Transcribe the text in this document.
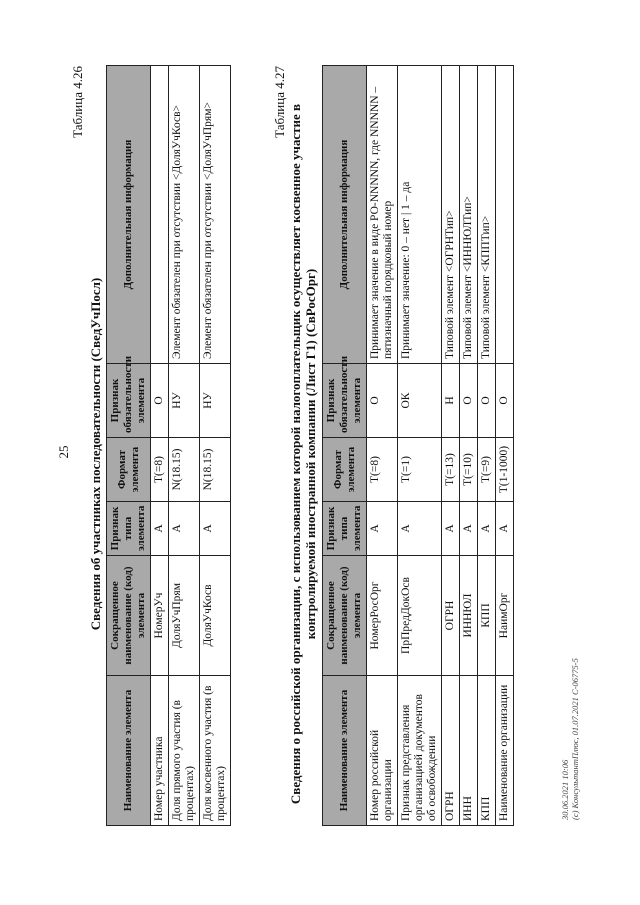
25
Таблица 4.26
Сведения об участниках последовательности (СведУчПосл)
Наименование элемента	Сокращенное наименование (код) элемента	Признак типа элемента	Формат элемента	Признак обязательности элемента	Дополнительная информация
Номер участника	НомерУч	А	Т(=8)	О	
Доля прямого участия (в процентах)	ДоляУчПрям	А	N(18.15)	НУ	Элемент обязателен при отсутствии <ДоляУчКосв>
Доля косвенного участия (в процентах)	ДоляУчКосв	А	N(18.15)	НУ	Элемент обязателен при отсутствии <ДоляУчПрям>
Таблица 4.27
Сведения о российской организации, с использованием которой налогоплательщик осуществляет косвенное участие в контролируемой иностранной компании (Лист Г1) (СвРосОрг)
Наименование элемента	Сокращенное наименование (код) элемента	Признак типа элемента	Формат элемента	Признак обязательности элемента	Дополнительная информация
Номер российской организации	НомерРосОрг	А	Т(=8)	О	Принимает значение в виде РО-NNNNN, где NNNNN – пятизначный порядковый номер
Признак представления организацией документов об освобождении	ПрПредДокОсв	А	Т(=1)	ОК	Принимает значение: 0 – нет | 1 – да
ОГРН	ОГРН	А	Т(=13)	Н	Типовой элемент <ОГРНТип>
ИНН	ИННЮЛ	А	Т(=10)	О	Типовой элемент <ИННЮЛТип>
КПП	КПП	А	Т(=9)	О	Типовой элемент <КППТип>
Наименование организации	НаимОрг	А	Т(1-1000)	О	
30.06.2021 10:06 (c) КонсультантПлюс, 01.07.2021 С-06775-5
